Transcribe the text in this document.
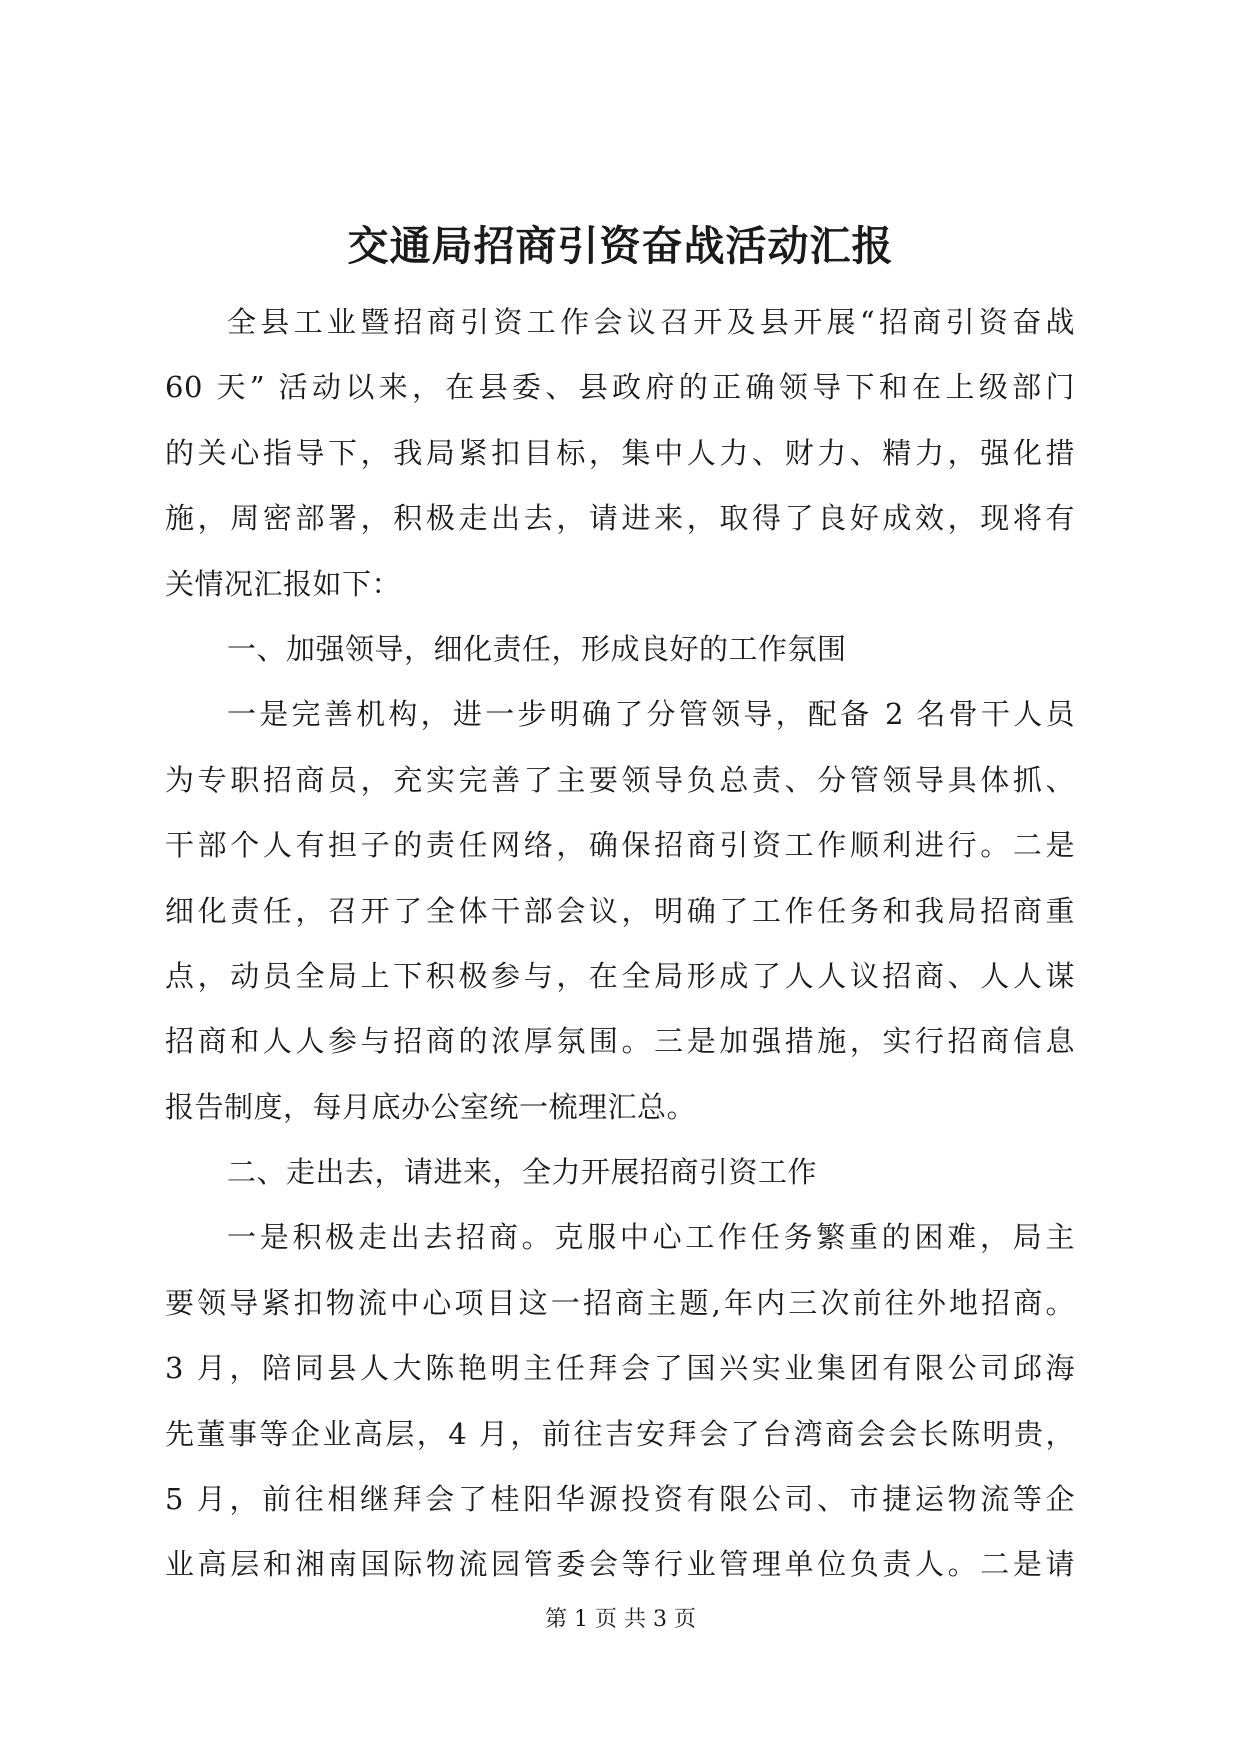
交通局招商引资奋战活动汇报
全县工业暨招商引资工作会议召开及县开展“招商引资奋战
60 天” 活动以来，在县委、县政府的正确领导下和在上级部门
的关心指导下，我局紧扣目标，集中人力、财力、精力，强化措
施，周密部署，积极走出去，请进来，取得了良好成效，现将有
关情况汇报如下：
一、加强领导，细化责任，形成良好的工作氛围
一是完善机构，进一步明确了分管领导，配备 2 名骨干人员
为专职招商员，充实完善了主要领导负总责、分管领导具体抓、
干部个人有担子的责任网络，确保招商引资工作顺利进行。二是
细化责任，召开了全体干部会议，明确了工作任务和我局招商重
点，动员全局上下积极参与，在全局形成了人人议招商、人人谋
招商和人人参与招商的浓厚氛围。三是加强措施，实行招商信息
报告制度，每月底办公室统一梳理汇总。
二、走出去，请进来，全力开展招商引资工作
一是积极走出去招商。克服中心工作任务繁重的困难，局主
要领导紧扣物流中心项目这一招商主题,年内三次前往外地招商。
3 月，陪同县人大陈艳明主任拜会了国兴实业集团有限公司邱海
先董事等企业高层，4 月，前往吉安拜会了台湾商会会长陈明贵，
5 月，前往相继拜会了桂阳华源投资有限公司、市捷运物流等企
业高层和湘南国际物流园管委会等行业管理单位负责人。二是请
第 1 页 共 3 页
